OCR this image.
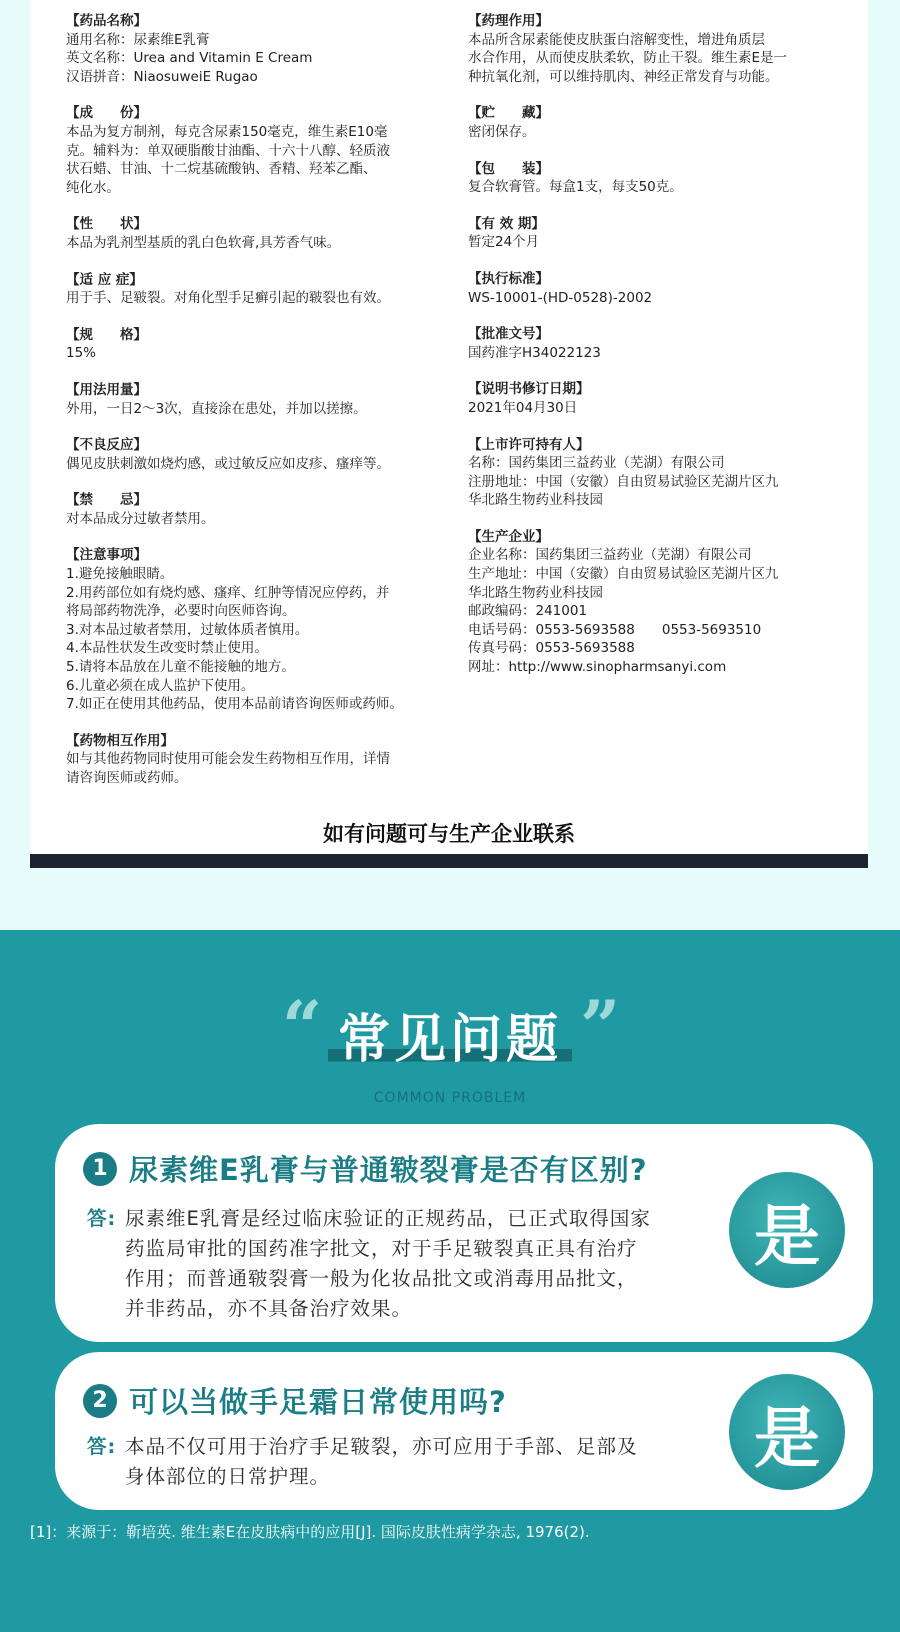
【药品名称】
通用名称：尿素维E乳膏
英文名称：Urea and Vitamin E Cream
汉语拼音：NiaosuweiE Rugao
【成　　份】
本品为复方制剂，每克含尿素150毫克，维生素E10毫
克。辅料为：单双硬脂酸甘油酯、十六十八醇、轻质液
状石蜡、甘油、十二烷基硫酸钠、香精、羟苯乙酯、
纯化水。
【性　　状】
本品为乳剂型基质的乳白色软膏,具芳香气味。
【适 应 症】
用于手、足皲裂。对角化型手足癣引起的皲裂也有效。
【规　　格】
15%
【用法用量】
外用，一日2～3次，直接涂在患处，并加以搓擦。
【不良反应】
偶见皮肤刺激如烧灼感，或过敏反应如皮疹、瘙痒等。
【禁　　忌】
对本品成分过敏者禁用。
【注意事项】
1.避免接触眼睛。
2.用药部位如有烧灼感、瘙痒、红肿等情况应停药，并
将局部药物洗净，必要时向医师咨询。
3.对本品过敏者禁用，过敏体质者慎用。
4.本品性状发生改变时禁止使用。
5.请将本品放在儿童不能接触的地方。
6.儿童必须在成人监护下使用。
7.如正在使用其他药品，使用本品前请咨询医师或药师。
【药物相互作用】
如与其他药物同时使用可能会发生药物相互作用，详情
请咨询医师或药师。
【药理作用】
本品所含尿素能使皮肤蛋白溶解变性，增进角质层
水合作用，从而使皮肤柔软，防止干裂。维生素E是一
种抗氧化剂，可以维持肌肉、神经正常发育与功能。
【贮　　藏】
密闭保存。
【包　　装】
复合软膏管。每盒1支，每支50克。
【有 效 期】
暂定24个月
【执行标准】
WS-10001-(HD-0528)-2002
【批准文号】
国药准字H34022123
【说明书修订日期】
2021年04月30日
【上市许可持有人】
名称：国药集团三益药业（芜湖）有限公司
注册地址：中国（安徽）自由贸易试验区芜湖片区九
华北路生物药业科技园
【生产企业】
企业名称：国药集团三益药业（芜湖）有限公司
生产地址：中国（安徽）自由贸易试验区芜湖片区九
华北路生物药业科技园
邮政编码：241001
电话号码：0553-5693588　　0553-5693510
传真号码：0553-5693588
网址：http://www.sinopharmsanyi.com
如有问题可与生产企业联系
“	”
常见问题
COMMON PROBLEM
1 尿素维E乳膏与普通皲裂膏是否有区别?
答: 尿素维E乳膏是经过临床验证的正规药品，已正式取得国家
药监局审批的国药准字批文，对于手足皲裂真正具有治疗
作用；而普通皲裂膏一般为化妆品批文或消毒用品批文，
并非药品，亦不具备治疗效果。
是
2 可以当做手足霜日常使用吗?
答: 本品不仅可用于治疗手足皲裂，亦可应用于手部、足部及
身体部位的日常护理。	是
[1]：来源于：靳培英. 维生素E在皮肤病中的应用[J]. 国际皮肤性病学杂志, 1976(2).
